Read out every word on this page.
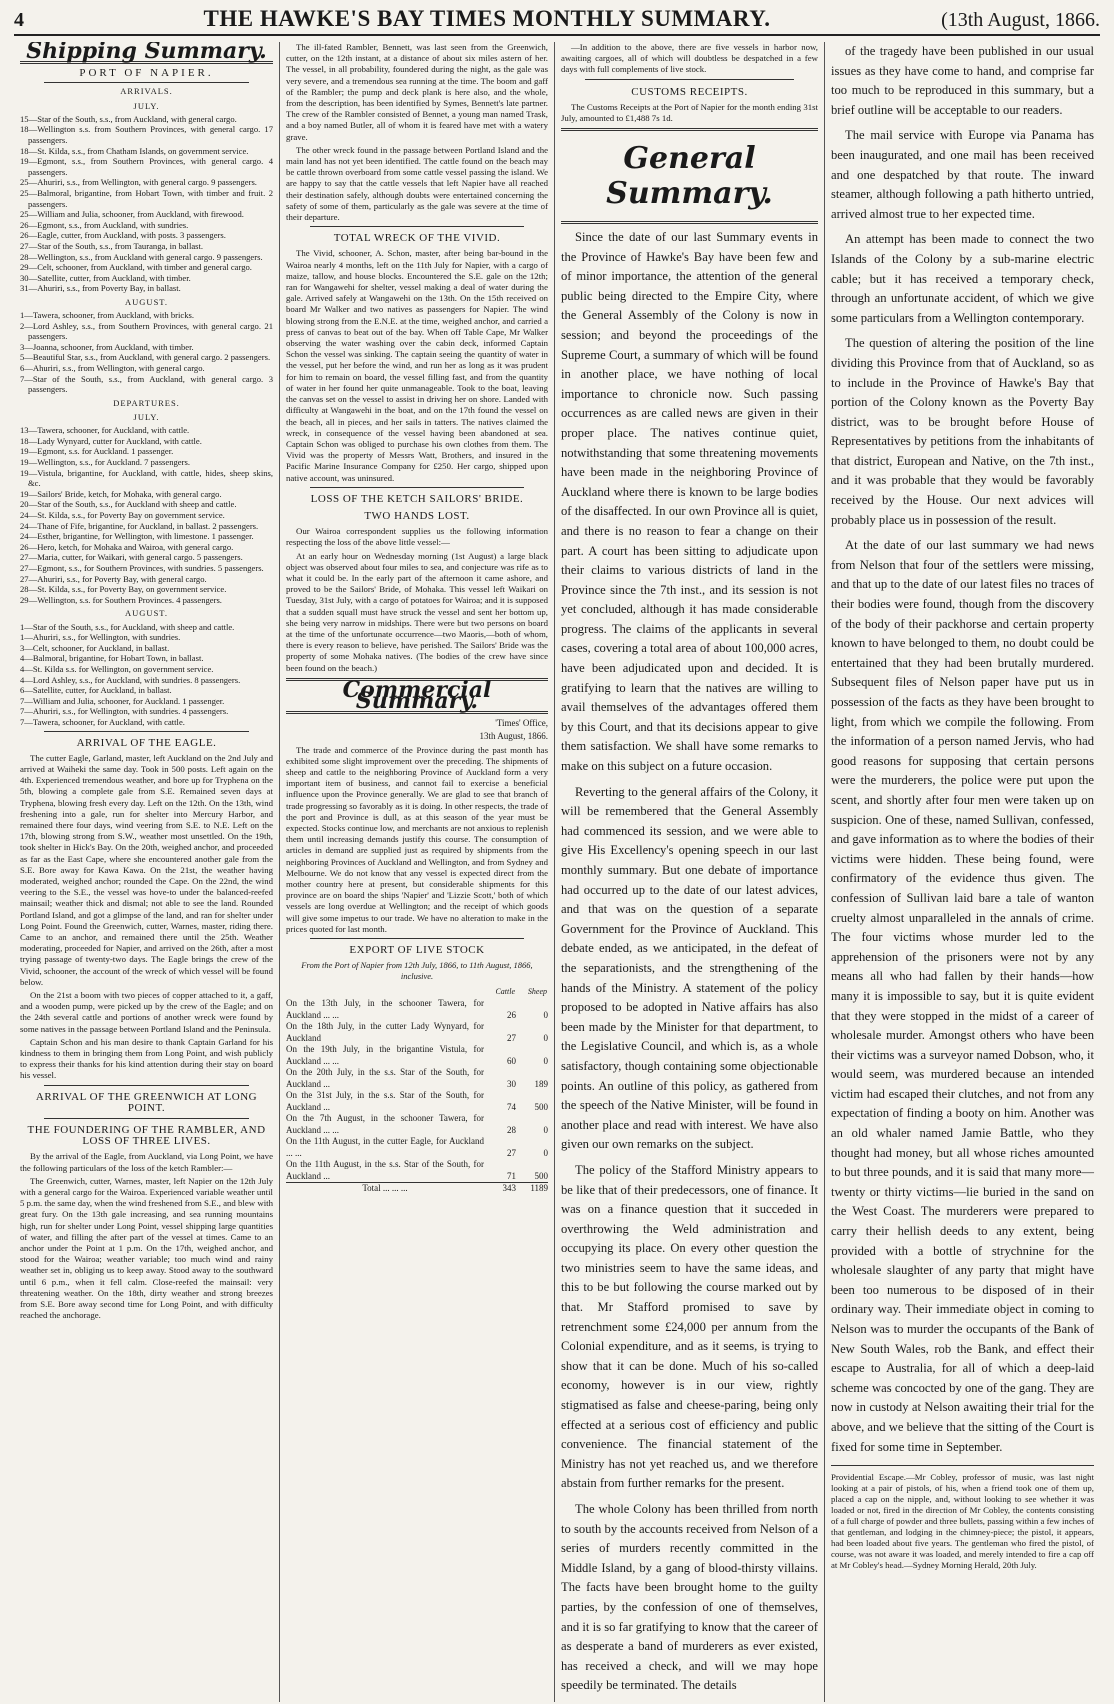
4	THE HAWKE'S BAY TIMES MONTHLY SUMMARY.	(13th August, 1866.
Shipping Summary.
PORT OF NAPIER.
ARRIVALS.
JULY.
15—Star of the South, s.s., from Auckland, with general cargo.
18—Wellington s.s. from Southern Provinces, with general cargo. 17 passengers.
18—St. Kilda, s.s., from Chatham Islands, on government service.
19—Egmont, s.s., from Southern Provinces, with general cargo. 4 passengers.
25—Ahuriri, s.s., from Wellington, with general cargo. 9 passengers.
25—Balmoral, brigantine, from Hobart Town, with timber and fruit. 2 passengers.
25—William and Julia, schooner, from Auckland, with firewood.
26—Egmont, s.s., from Auckland, with sundries.
26—Eagle, cutter, from Auckland, with posts. 3 passengers.
27—Star of the South, s.s., from Tauranga, in ballast.
28—Wellington, s.s., from Auckland with general cargo. 9 passengers.
29—Celt, schooner, from Auckland, with timber and general cargo.
30—Satellite, cutter, from Auckland, with timber.
31—Ahuriri, s.s., from Poverty Bay, in ballast.
AUGUST.
1—Tawera, schooner, from Auckland, with bricks.
2—Lord Ashley, s.s., from Southern Provinces, with general cargo. 21 passengers.
3—Joanna, schooner, from Auckland, with timber.
5—Beautiful Star, s.s., from Auckland, with general cargo. 2 passengers.
6—Ahuriri, s.s., from Wellington, with general cargo.
7—Star of the South, s.s., from Auckland, with general cargo. 3 passengers.
DEPARTURES.
JULY.
13—Tawera, schooner, for Auckland, with cattle.
18—Lady Wynyard, cutter for Auckland, with cattle.
19—Egmont, s.s. for Auckland. 1 passenger.
19—Wellington, s.s., for Auckland. 7 passengers.
19—Vistula, brigantine, for Auckland, with cattle, hides, sheep skins, &c.
19—Sailors' Bride, ketch, for Mohaka, with general cargo.
20—Star of the South, s.s., for Auckland with sheep and cattle.
24—St. Kilda, s.s., for Poverty Bay on government service.
24—Thane of Fife, brigantine, for Auckland, in ballast. 2 passengers.
24—Esther, brigantine, for Wellington, with limestone. 1 passenger.
26—Hero, ketch, for Mohaka and Wairoa, with general cargo.
27—Maria, cutter, for Waikari, with general cargo. 5 passengers.
27—Egmont, s.s., for Southern Provinces, with sundries. 5 passengers.
27—Ahuriri, s.s., for Poverty Bay, with general cargo.
28—St. Kilda, s.s., for Poverty Bay, on government service.
29—Wellington, s.s. for Southern Provinces. 4 passengers.
AUGUST.
1—Star of the South, s.s., for Auckland, with sheep and cattle.
1—Ahuriri, s.s., for Wellington, with sundries.
3—Celt, schooner, for Auckland, in ballast.
4—Balmoral, brigantine, for Hobart Town, in ballast.
4—St. Kilda s.s. for Wellington, on government service.
4—Lord Ashley, s.s., for Auckland, with sundries. 8 passengers.
6—Satellite, cutter, for Auckland, in ballast.
7—William and Julia, schooner, for Auckland. 1 passenger.
7—Ahuriri, s.s., for Wellington, with sundries. 4 passengers.
7—Tawera, schooner, for Auckland, with cattle.
ARRIVAL OF THE EAGLE.

The cutter Eagle, Garland, master, left Auckland on the 2nd July and arrived at Waiheki the same day. Took in 500 posts. Left again on the 4th. Experienced tremendous weather, and bore up for Tryphena on the 5th, blowing a complete gale from S.E. Remained seven days at Tryphena, blowing fresh every day. Left on the 12th. On the 13th, wind freshening into a gale, run for shelter into Mercury Harbor, and remained there four days, wind veering from S.E. to N.E. Left on the 17th, blowing strong from S.W., weather most unsettled. On the 19th, took shelter in Hick's Bay. On the 20th, weighed anchor, and proceeded as far as the East Cape, where she encountered another gale from the S.E. Bore away for Kawa Kawa. On the 21st, the weather having moderated, weighed anchor; rounded the Cape. On the 22nd, the wind veering to the S.E., the vessel was hove-to under the balanced-reefed mainsail; weather thick and dismal; not able to see the land. Rounded Portland Island, and got a glimpse of the land, and ran for shelter under Long Point. Found the Greenwich, cutter, Warnes, master, riding there. Came to an anchor, and remained there until the 25th. Weather moderating, proceeded for Napier, and arrived on the 26th, after a most trying passage of twenty-two days. The Eagle brings the crew of the Vivid, schooner, the account of the wreck of which vessel will be found below.

On the 21st a boom with two pieces of copper attached to it, a gaff, and a wooden pump, were picked up by the crew of the Eagle; and on the 24th several cattle and portions of another wreck were found by some natives in the passage between Portland Island and the Peninsula.

Captain Schon and his man desire to thank Captain Garland for his kindness to them in bringing them from Long Point, and wish publicly to express their thanks for his kind attention during their stay on board his vessel.

ARRIVAL OF THE GREENWICH AT LONG POINT.
THE FOUNDERING OF THE RAMBLER, AND LOSS OF THREE LIVES.

By the arrival of the Eagle, from Auckland, via Long Point, we have the following particulars of the loss of the ketch Rambler:—

The Greenwich, cutter, Warnes, master, left Napier on the 12th July with a general cargo for the Wairoa. Experienced variable weather until 5 p.m. the same day, when the wind freshened from S.E., and blew with great fury. On the 13th gale increasing, and sea running mountains high, run for shelter under Long Point, vessel shipping large quantities of water, and filling the after part of the vessel at times. Came to an anchor under the Point at 1 p.m. On the 17th, weighed anchor, and stood for the Wairoa; weather variable; too much wind and rainy weather set in, obliging us to keep away. Stood away to the southward until 6 p.m., when it fell calm. Close-reefed the mainsail: very threatening weather. On the 18th, dirty weather and strong breezes from S.E. Bore away second time for Long Point, and with difficulty reached the anchorage.

The ill-fated Rambler, Bennett, was last seen from the Greenwich, cutter, on the 12th instant, at a distance of about six miles astern of her. The vessel, in all probability, foundered during the night, as the gale was very severe, and a tremendous sea running at the time. The boom and gaff of the Rambler; the pump and deck plank is here also, and the whole, from the description, has been identified by Symes, Bennett's late partner. The crew of the Rambler consisted of Bennet, a young man named Trask, and a boy named Butler, all of whom it is feared have met with a watery grave.

The other wreck found in the passage between Portland Island and the main land has not yet been identified. The cattle found on the beach may be cattle thrown overboard from some cattle vessel passing the island. We are happy to say that the cattle vessels that left Napier have all reached their destination safely, although doubts were entertained concerning the safety of some of them, particularly as the gale was severe at the time of their departure.

TOTAL WRECK OF THE VIVID.

The Vivid, schooner, A. Schon, master, after being bar-bound in the Wairoa nearly 4 months, left on the 11th July for Napier, with a cargo of maize, tallow, and house blocks. Encountered the S.E. gale on the 12th; ran for Wangawehi for shelter, vessel making a deal of water during the gale. Arrived safely at Wangawehi on the 13th. On the 15th received on board Mr Walker and two natives as passengers for Napier. The wind blowing strong from the E.N.E. at the time, weighed anchor, and carried a press of canvas to beat out of the bay. When off Table Cape, Mr Walker observing the water washing over the cabin deck, informed Captain Schon the vessel was sinking. The captain seeing the quantity of water in the vessel, put her before the wind, and run her as long as it was prudent for him to remain on board, the vessel filling fast, and from the quantity of water in her found her quite unmanageable. Took to the boat, leaving the canvas set on the vessel to assist in driving her on shore. Landed with difficulty at Wangawehi in the boat, and on the 17th found the vessel on the beach, all in pieces, and her sails in tatters. The natives claimed the wreck, in consequence of the vessel having been abandoned at sea. Captain Schon was obliged to purchase his own clothes from them. The Vivid was the property of Messrs Watt, Brothers, and insured in the Pacific Marine Insurance Company for £250. Her cargo, shipped upon native account, was uninsured.

LOSS OF THE KETCH SAILORS' BRIDE.
TWO HANDS LOST.

Our Wairoa correspondent supplies us the following information respecting the loss of the above little vessel:—

At an early hour on Wednesday morning (1st August) a large black object was observed about four miles to sea, and conjecture was rife as to what it could be. In the early part of the afternoon it came ashore, and proved to be the Sailors' Bride, of Mohaka. This vessel left Waikari on Tuesday, 31st July, with a cargo of potatoes for Wairoa; and it is supposed that a sudden squall must have struck the vessel and sent her bottom up, she being very narrow in midships. There were but two persons on board at the time of the unfortunate occurrence—two Maoris,—both of whom, there is every reason to believe, have perished. The Sailors' Bride was the property of some Mohaka natives. (The bodies of the crew have since been found on the beach.)

Commercial Summary.

'Times' Office,

13th August, 1866.

The trade and commerce of the Province during the past month has exhibited some slight improvement over the preceding. The shipments of sheep and cattle to the neighboring Province of Auckland form a very important item of business, and cannot fail to exercise a beneficial influence upon the Province generally. We are glad to see that branch of trade progressing so favorably as it is doing. In other respects, the trade of the port and Province is dull, as at this season of the year must be expected. Stocks continue low, and merchants are not anxious to replenish them until increasing demands justify this course. The consumption of articles in demand are supplied just as required by shipments from the neighboring Provinces of Auckland and Wellington, and from Sydney and Melbourne. We do not know that any vessel is expected direct from the mother country here at present, but considerable shipments for this province are on board the ships 'Napier' and 'Lizzie Scott,' both of which vessels are long overdue at Wellington; and the receipt of which goods will give some impetus to our trade. We have no alteration to make in the prices quoted for last month.

EXPORT OF LIVE STOCK
From the Port of Napier from 12th July, 1866, to 11th August, 1866, inclusive.
	Cattle	Sheep
On the 13th July, in the schooner Tawera, for Auckland ... ...	26	0
On the 18th July, in the cutter Lady Wynyard, for Auckland	27	0
On the 19th July, in the brigantine Vistula, for Auckland ... ...	60	0
On the 20th July, in the s.s. Star of the South, for Auckland ...	30	189
On the 31st July, in the s.s. Star of the South, for Auckland ...	74	500
On the 7th August, in the schooner Tawera, for Auckland ... ...	28	0
On the 11th August, in the cutter Eagle, for Auckland ... ...	27	0
On the 11th August, in the s.s. Star of the South, for Auckland ...	71	500
Total ... ... ...	343	1189

—In addition to the above, there are five vessels in harbor now, awaiting cargoes, all of which will doubtless be despatched in a few days with full complements of live stock.

CUSTOMS RECEIPTS.

The Customs Receipts at the Port of Napier for the month ending 31st July, amounted to £1,488 7s 1d.

General Summary.

Since the date of our last Summary events in the Province of Hawke's Bay have been few and of minor importance, the attention of the general public being directed to the Empire City, where the General Assembly of the Colony is now in session; and beyond the proceedings of the Supreme Court, a summary of which will be found in another place, we have nothing of local importance to chronicle now. Such passing occurrences as are called news are given in their proper place. The natives continue quiet, notwithstanding that some threatening movements have been made in the neighboring Province of Auckland where there is known to be large bodies of the disaffected. In our own Province all is quiet, and there is no reason to fear a change on their part. A court has been sitting to adjudicate upon their claims to various districts of land in the Province since the 7th inst., and its session is not yet concluded, although it has made considerable progress. The claims of the applicants in several cases, covering a total area of about 100,000 acres, have been adjudicated upon and decided. It is gratifying to learn that the natives are willing to avail themselves of the advantages offered them by this Court, and that its decisions appear to give them satisfaction. We shall have some remarks to make on this subject on a future occasion.

Reverting to the general affairs of the Colony, it will be remembered that the General Assembly had commenced its session, and we were able to give His Excellency's opening speech in our last monthly summary. But one debate of importance had occurred up to the date of our latest advices, and that was on the question of a separate Government for the Province of Auckland. This debate ended, as we anticipated, in the defeat of the separationists, and the strengthening of the hands of the Ministry. A statement of the policy proposed to be adopted in Native affairs has also been made by the Minister for that department, to the Legislative Council, and which is, as a whole satisfactory, though containing some objectionable points. An outline of this policy, as gathered from the speech of the Native Minister, will be found in another place and read with interest. We have also given our own remarks on the subject.

The policy of the Stafford Ministry appears to be like that of their predecessors, one of finance. It was on a finance question that it succeded in overthrowing the Weld administration and occupying its place. On every other question the two ministries seem to have the same ideas, and this to be but following the course marked out by that. Mr Stafford promised to save by retrenchment some £24,000 per annum from the Colonial expenditure, and as it seems, is trying to show that it can be done. Much of his so-called economy, however is in our view, rightly stigmatised as false and cheese-paring, being only effected at a serious cost of efficiency and public convenience. The financial statement of the Ministry has not yet reached us, and we therefore abstain from further remarks for the present.

The whole Colony has been thrilled from north to south by the accounts received from Nelson of a series of murders recently committed in the Middle Island, by a gang of blood-thirsty villains. The facts have been brought home to the guilty parties, by the confession of one of themselves, and it is so far gratifying to know that the career of as desperate a band of murderers as ever existed, has received a check, and will we may hope speedily be terminated. The details

of the tragedy have been published in our usual issues as they have come to hand, and comprise far too much to be reproduced in this summary, but a brief outline will be acceptable to our readers.

The mail service with Europe via Panama has been inaugurated, and one mail has been received and one despatched by that route. The inward steamer, although following a path hitherto untried, arrived almost true to her expected time.

An attempt has been made to connect the two Islands of the Colony by a sub-marine electric cable; but it has received a temporary check, through an unfortunate accident, of which we give some particulars from a Wellington contemporary.

The question of altering the position of the line dividing this Province from that of Auckland, so as to include in the Province of Hawke's Bay that portion of the Colony known as the Poverty Bay district, was to be brought before House of Representatives by petitions from the inhabitants of that district, European and Native, on the 7th inst., and it was probable that they would be favorably received by the House. Our next advices will probably place us in possession of the result.

At the date of our last summary we had news from Nelson that four of the settlers were missing, and that up to the date of our latest files no traces of their bodies were found, though from the discovery of the body of their packhorse and certain property known to have belonged to them, no doubt could be entertained that they had been brutally murdered. Subsequent files of Nelson paper have put us in possession of the facts as they have been brought to light, from which we compile the following. From the information of a person named Jervis, who had good reasons for supposing that certain persons were the murderers, the police were put upon the scent, and shortly after four men were taken up on suspicion. One of these, named Sullivan, confessed, and gave information as to where the bodies of their victims were hidden. These being found, were confirmatory of the evidence thus given. The confession of Sullivan laid bare a tale of wanton cruelty almost unparalleled in the annals of crime. The four victims whose murder led to the apprehension of the prisoners were not by any means all who had fallen by their hands—how many it is impossible to say, but it is quite evident that they were stopped in the midst of a career of wholesale murder. Amongst others who have been their victims was a surveyor named Dobson, who, it would seem, was murdered because an intended victim had escaped their clutches, and not from any expectation of finding a booty on him. Another was an old whaler named Jamie Battle, who they thought had money, but all whose riches amounted to but three pounds, and it is said that many more—twenty or thirty victims—lie buried in the sand on the West Coast. The murderers were prepared to carry their hellish deeds to any extent, being provided with a bottle of strychnine for the wholesale slaughter of any party that might have been too numerous to be disposed of in their ordinary way. Their immediate object in coming to Nelson was to murder the occupants of the Bank of New South Wales, rob the Bank, and effect their escape to Australia, for all of which a deep-laid scheme was concocted by one of the gang. They are now in custody at Nelson awaiting their trial for the above, and we believe that the sitting of the Court is fixed for some time in September.

Providential Escape.—Mr Cobley, professor of music, was last night looking at a pair of pistols, of his, when a friend took one of them up, placed a cap on the nipple, and, without looking to see whether it was loaded or not, fired in the direction of Mr Cobley, the contents consisting of a full charge of powder and three bullets, passing within a few inches of that gentleman, and lodging in the chimney-piece; the pistol, it appears, had been loaded about five years. The gentleman who fired the pistol, of course, was not aware it was loaded, and merely intended to fire a cap off at Mr Cobley's head.—Sydney Morning Herald, 20th July.
